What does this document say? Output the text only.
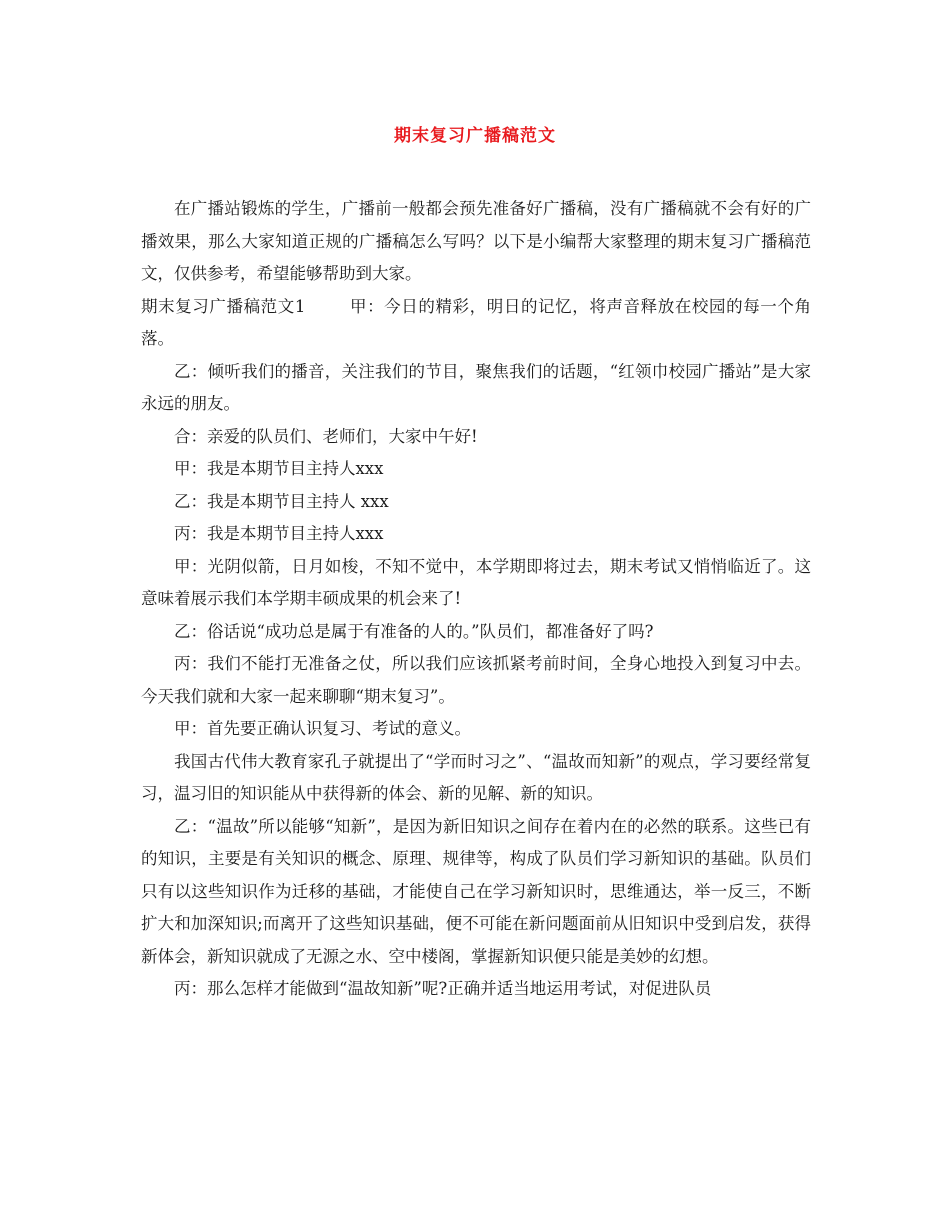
期末复习广播稿范文

在广播站锻炼的学生，广播前一般都会预先准备好广播稿，没有广播稿就不会有好的广播效果，那么大家知道正规的广播稿怎么写吗？以下是小编帮大家整理的期末复习广播稿范文，仅供参考，希望能够帮助到大家。

期末复习广播稿范文1	甲：今日的精彩，明日的记忆，将声音释放在校园的每一个角落。

乙：倾听我们的播音，关注我们的节目，聚焦我们的话题，“红领巾校园广播站”是大家永远的朋友。

合：亲爱的队员们、老师们，大家中午好!

甲：我是本期节目主持人xxx

乙：我是本期节目主持人 xxx

丙：我是本期节目主持人xxx

甲：光阴似箭，日月如梭，不知不觉中，本学期即将过去，期末考试又悄悄临近了。这意味着展示我们本学期丰硕成果的机会来了!

乙：俗话说“成功总是属于有准备的人的。”队员们，都准备好了吗?

丙：我们不能打无准备之仗，所以我们应该抓紧考前时间，全身心地投入到复习中去。今天我们就和大家一起来聊聊“期末复习”。

甲：首先要正确认识复习、考试的意义。

我国古代伟大教育家孔子就提出了“学而时习之”、“温故而知新”的观点，学习要经常复习，温习旧的知识能从中获得新的体会、新的见解、新的知识。

乙：“温故”所以能够“知新”，是因为新旧知识之间存在着内在的必然的联系。这些已有的知识，主要是有关知识的概念、原理、规律等，构成了队员们学习新知识的基础。队员们只有以这些知识作为迁移的基础，才能使自己在学习新知识时，思维通达，举一反三，不断扩大和加深知识;而离开了这些知识基础，便不可能在新问题面前从旧知识中受到启发，获得新体会，新知识就成了无源之水、空中楼阁，掌握新知识便只能是美妙的幻想。

丙：那么怎样才能做到“温故知新”呢?正确并适当地运用考试，对促进队员
